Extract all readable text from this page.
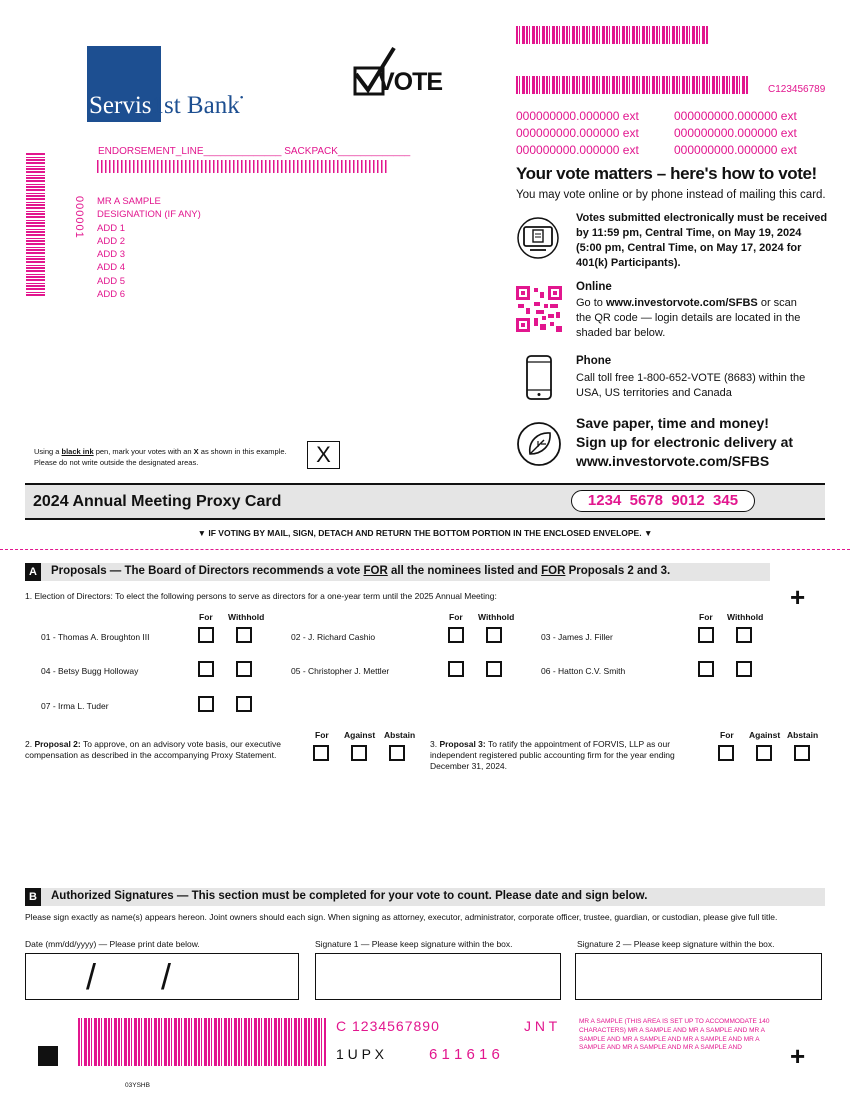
Servis1st Bank•
VOTE	C123456789
000000000.000000 ext	000000000.000000 ext
000000000.000000 ext	000000000.000000 ext
000000000.000000 ext	000000000.000000 ext
ENDORSEMENT_LINE______________ SACKPACK_____________
000001 MR A SAMPLE
DESIGNATION (IF ANY)
ADD 1
ADD 2
ADD 3
ADD 4
ADD 5
ADD 6
Your vote matters – here's how to vote!
You may vote online or by phone instead of mailing this card.
Votes submitted electronically must be received by 11:59 pm, Central Time, on May 19, 2024 (5:00 pm, Central Time, on May 17, 2024 for 401(k) Participants).
Online
Go to www.investorvote.com/SFBS or scan the QR code — login details are located in the shaded bar below.
Phone
Call toll free 1-800-652-VOTE (8683) within the USA, US territories and Canada
Save paper, time and money!
Sign up for electronic delivery at
www.investorvote.com/SFBS
Using a black ink pen, mark your votes with an X as shown in this example.
Please do not write outside the designated areas.	X
2024 Annual Meeting Proxy Card	1234  5678  9012  345
▼ IF VOTING BY MAIL, SIGN, DETACH AND RETURN THE BOTTOM PORTION IN THE ENCLOSED ENVELOPE. ▼
A	Proposals — The Board of Directors recommends a vote FOR all the nominees listed and FOR Proposals 2 and 3.
+
1. Election of Directors: To elect the following persons to serve as directors for a one-year term until the 2025 Annual Meeting:
For Withhold	For Withhold	For Withhold
01 - Thomas A. Broughton III	02 - J. Richard Cashio	03 - James J. Filler
04 - Betsy Bugg Holloway	05 - Christopher J. Mettler	06 - Hatton C.V. Smith
07 - Irma L. Tuder
2. Proposal 2: To approve, on an advisory vote basis, our executive compensation as described in the accompanying Proxy Statement.
For Against Abstain
3. Proposal 3: To ratify the appointment of FORVIS, LLP as our independent registered public accounting firm for the year ending December 31, 2024.
For Against Abstain
B	Authorized Signatures — This section must be completed for your vote to count. Please date and sign below.
Please sign exactly as name(s) appears hereon. Joint owners should each sign. When signing as attorney, executor, administrator, corporate officer, trustee, guardian, or custodian, please give full title.
Date (mm/dd/yyyy) — Please print date below.	Signature 1 — Please keep signature within the box.	Signature 2 — Please keep signature within the box.
/ /
C 1234567890	J N T
1 U P X	6 1 1 6 1 6
MR A SAMPLE (THIS AREA IS SET UP TO ACCOMMODATE 140 CHARACTERS) MR A SAMPLE AND MR A SAMPLE AND MR A SAMPLE AND MR A SAMPLE AND MR A SAMPLE AND MR A SAMPLE AND MR A SAMPLE AND MR A SAMPLE AND	+
03YSHB
